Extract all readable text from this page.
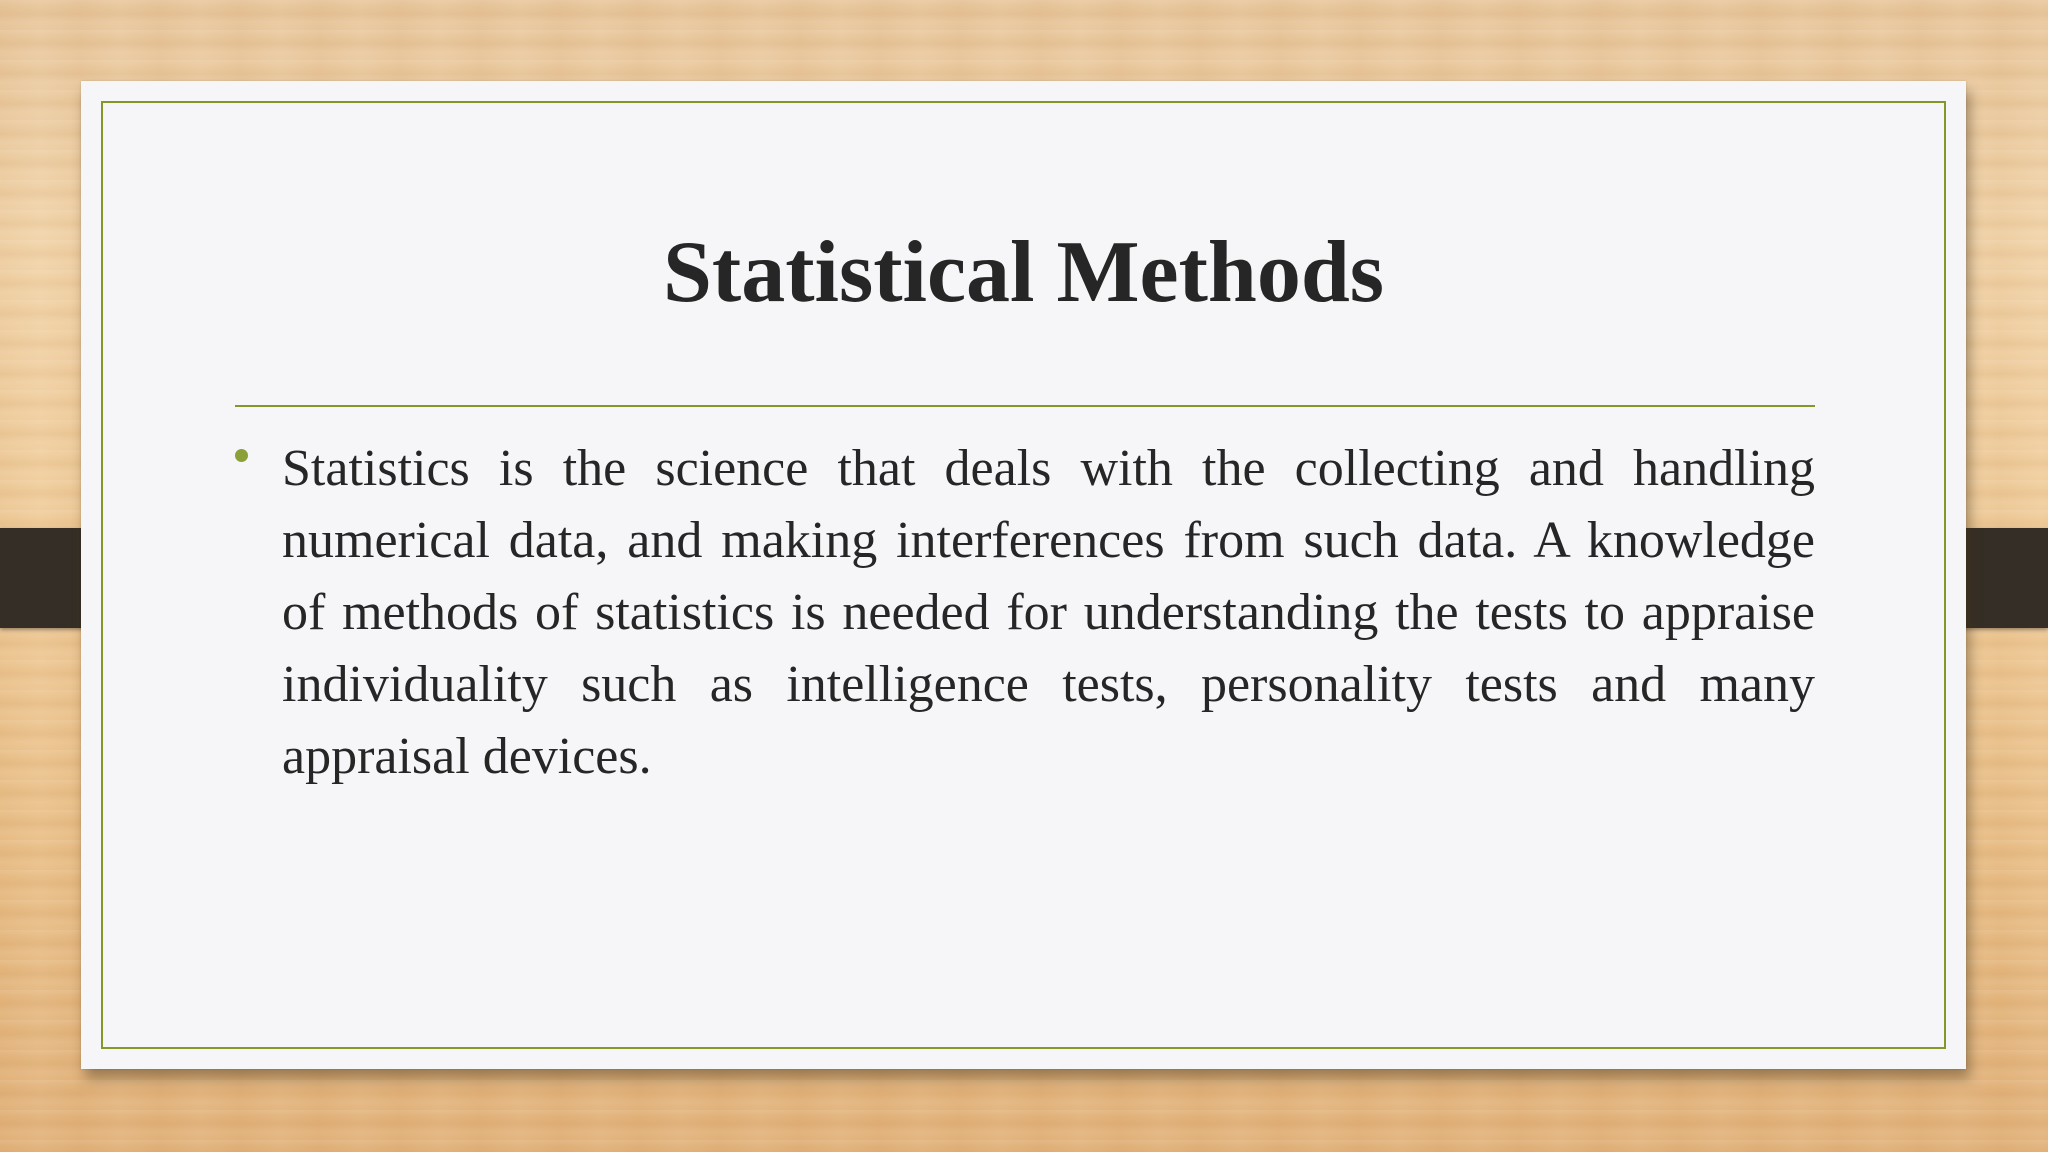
Statistical Methods

Statistics is the science that deals with the collecting and handling numerical data, and making interferences from such data. A knowledge of methods of statistics is needed for understanding the tests to appraise individuality such as intelligence tests, personality tests and many appraisal devices.
